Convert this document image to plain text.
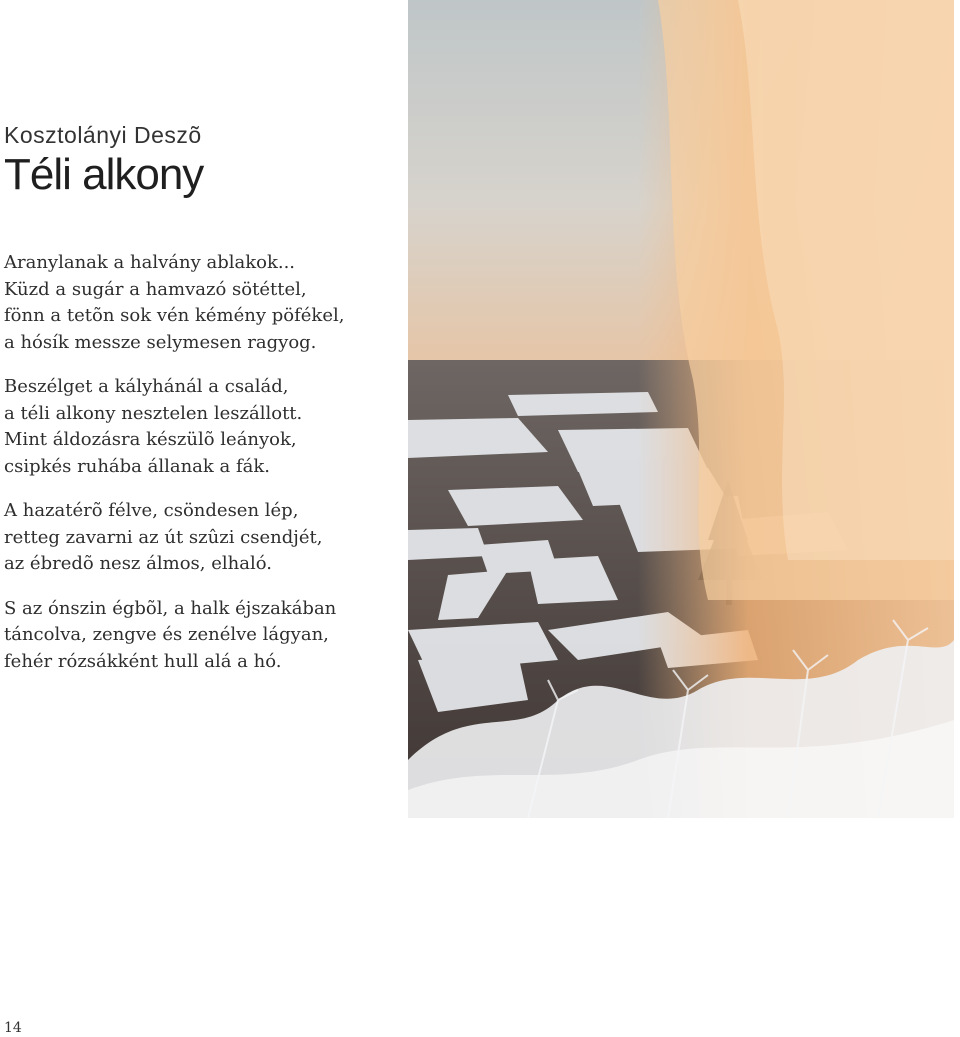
Kosztolányi Deszõ
Téli alkony
Aranylanak a halvány ablakok...
Küzd a sugár a hamvazó sötéttel,
fönn a tetõn sok vén kémény pöfékel,
a hósík messze selymesen ragyog.
Beszélget a kályhánál a család,
a téli alkony nesztelen leszállott.
Mint áldozásra készülõ leányok,
csipkés ruhába állanak a fák.
A hazatérõ félve, csöndesen lép,
retteg zavarni az út szûzi csendjét,
az ébredõ nesz álmos, elhaló.
S az ónszin égbõl, a halk éjszakában
táncolva, zengve és zenélve lágyan,
fehér rózsákként hull alá a hó.
14
